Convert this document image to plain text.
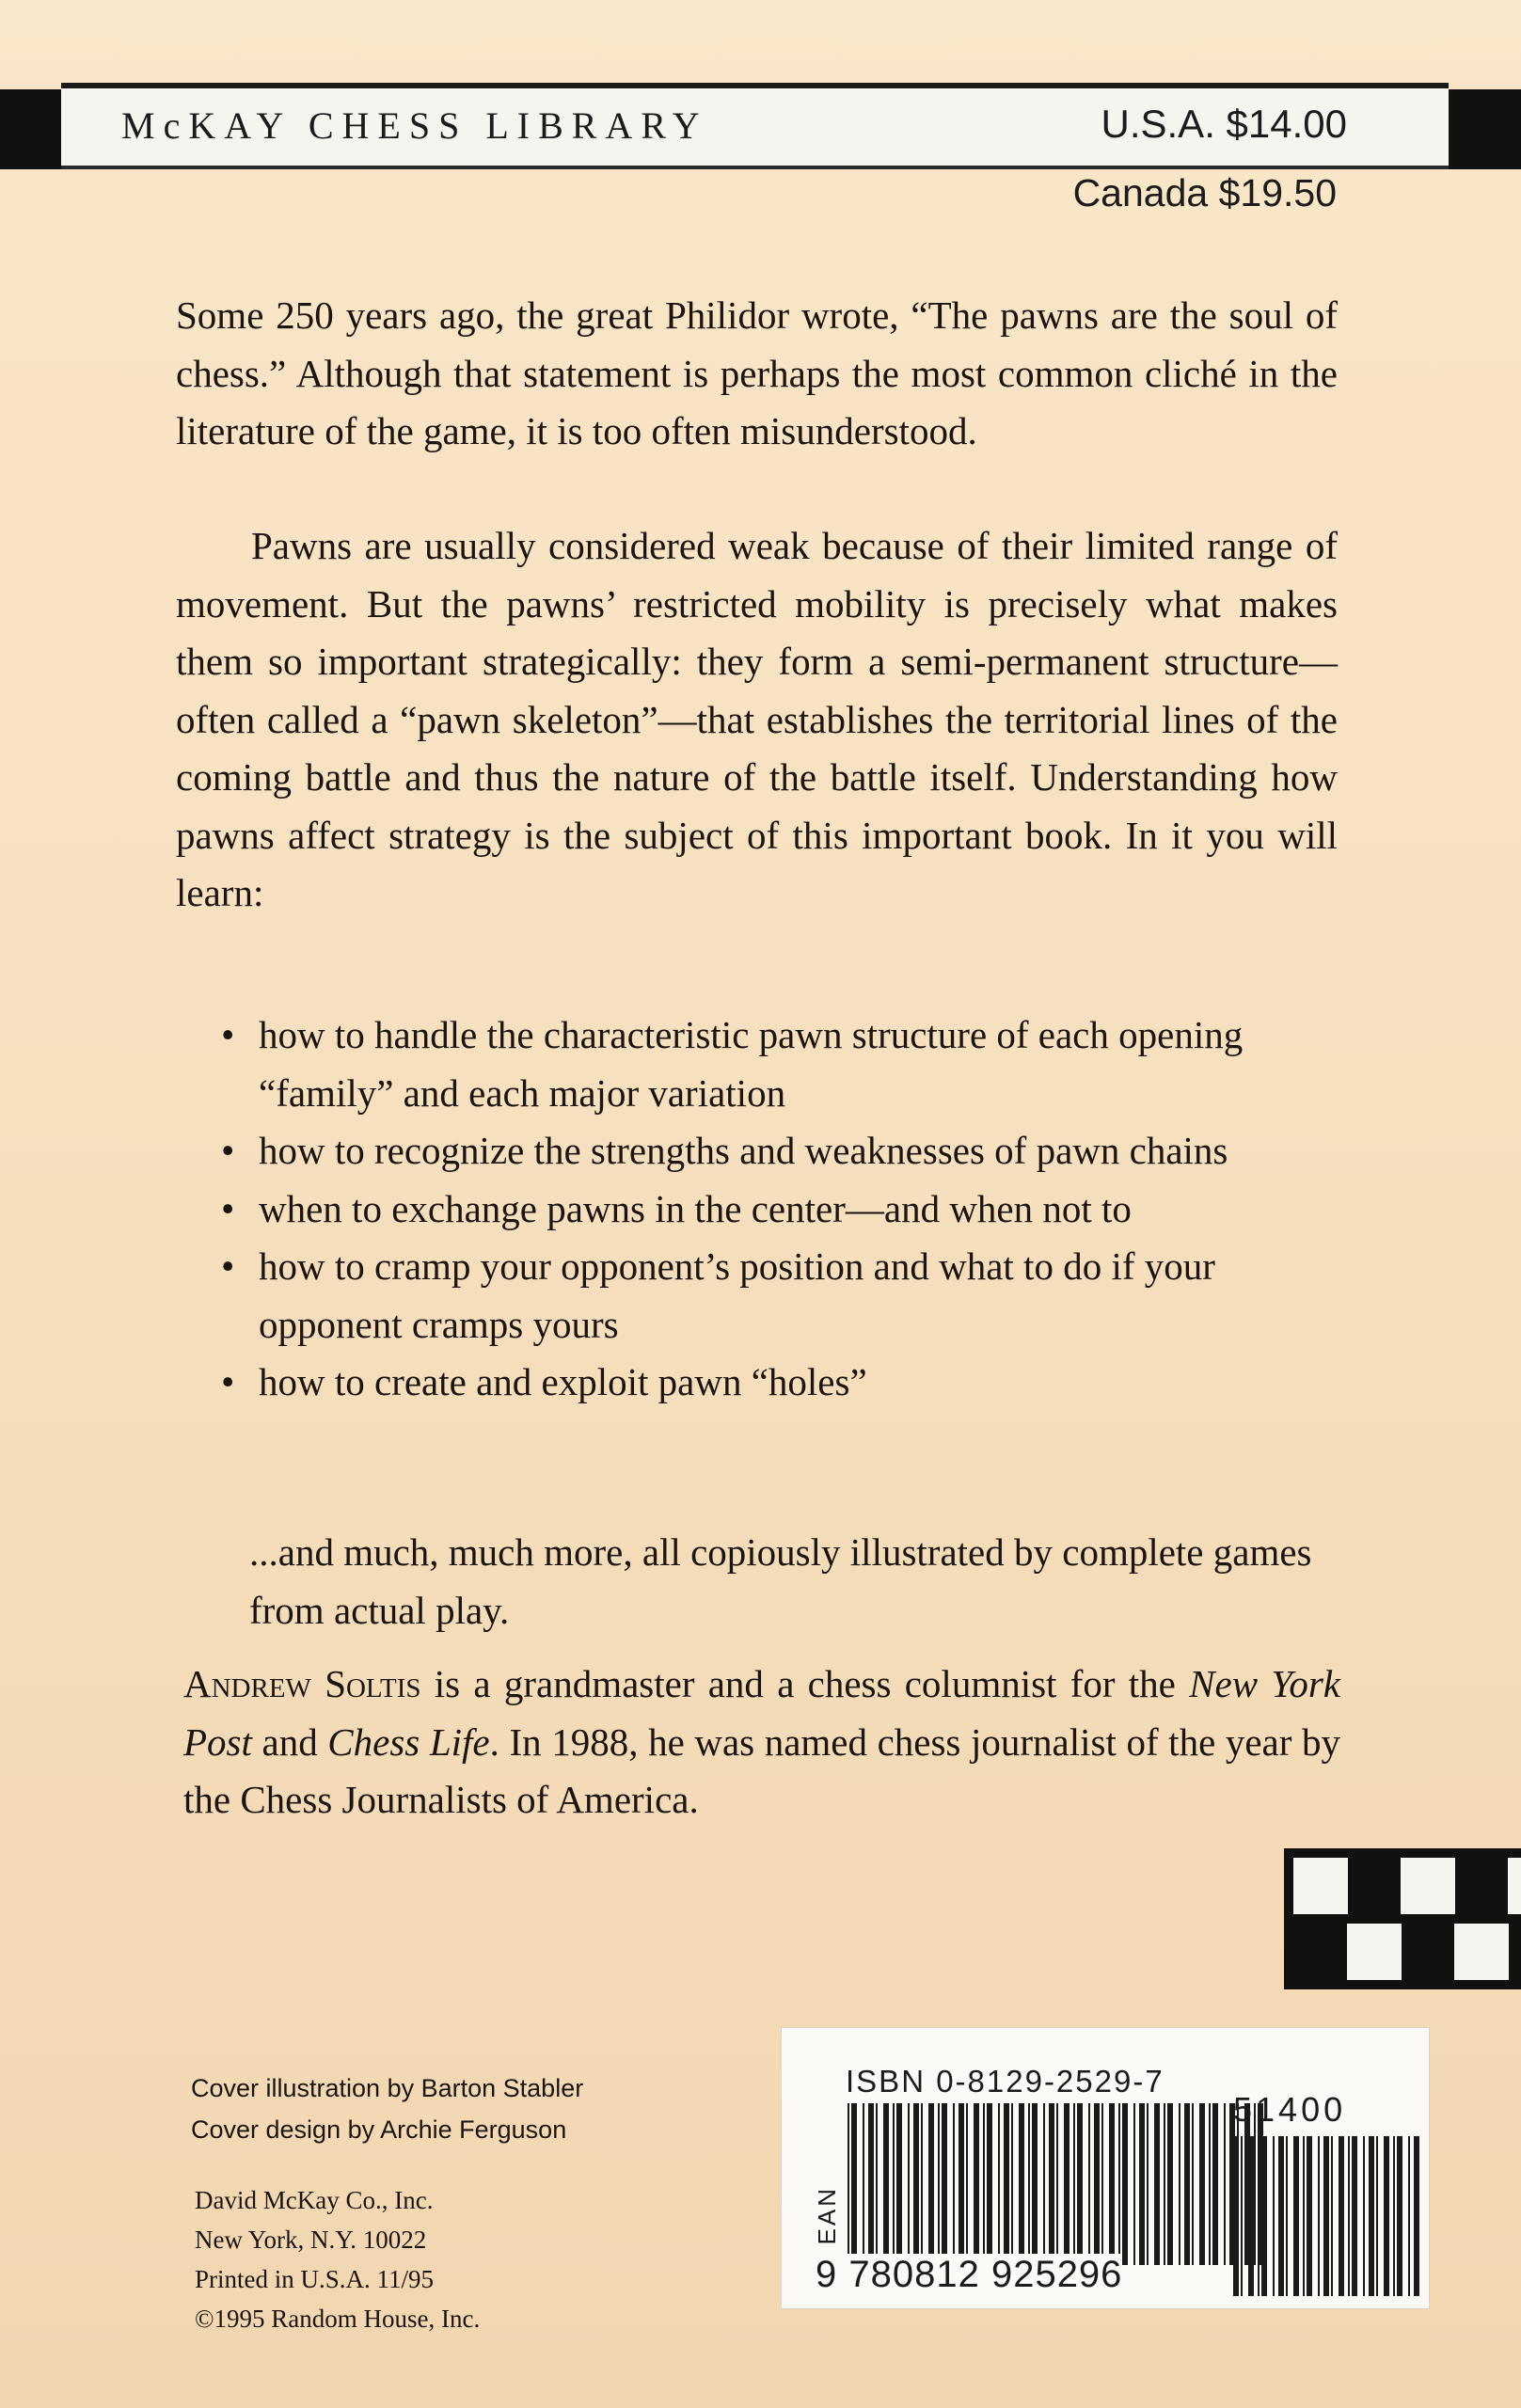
McKAY CHESS LIBRARY	U.S.A. $14.00
Canada $19.50

Some 250 years ago, the great Philidor wrote, “The pawns are the soul of chess.” Although that statement is perhaps the most common cliché in the literature of the game, it is too often misunderstood.

Pawns are usually considered weak because of their limited range of movement. But the pawns’ restricted mobility is precisely what makes them so important strategically: they form a semi-permanent structure—often called a “pawn skeleton”—that establishes the territorial lines of the coming battle and thus the nature of the battle itself. Understanding how pawns affect strategy is the subject of this important book. In it you will learn:

• how to handle the characteristic pawn structure of each opening “family” and each major variation
• how to recognize the strengths and weaknesses of pawn chains
• when to exchange pawns in the center—and when not to
• how to cramp your opponent’s position and what to do if your opponent cramps yours
• how to create and exploit pawn “holes”
...and much, much more, all copiously illustrated by complete games from actual play.

Andrew Soltis is a grandmaster and a chess columnist for the New York Post and Chess Life. In 1988, he was named chess journalist of the year by the Chess Journalists of America.

Cover illustration by Barton Stabler
Cover design by Archie Ferguson
David McKay Co., Inc.
New York, N.Y. 10022
Printed in U.S.A. 11/95
©1995 Random House, Inc.
ISBN 0-8129-2529-7
EAN
51400
9 780812 925296
